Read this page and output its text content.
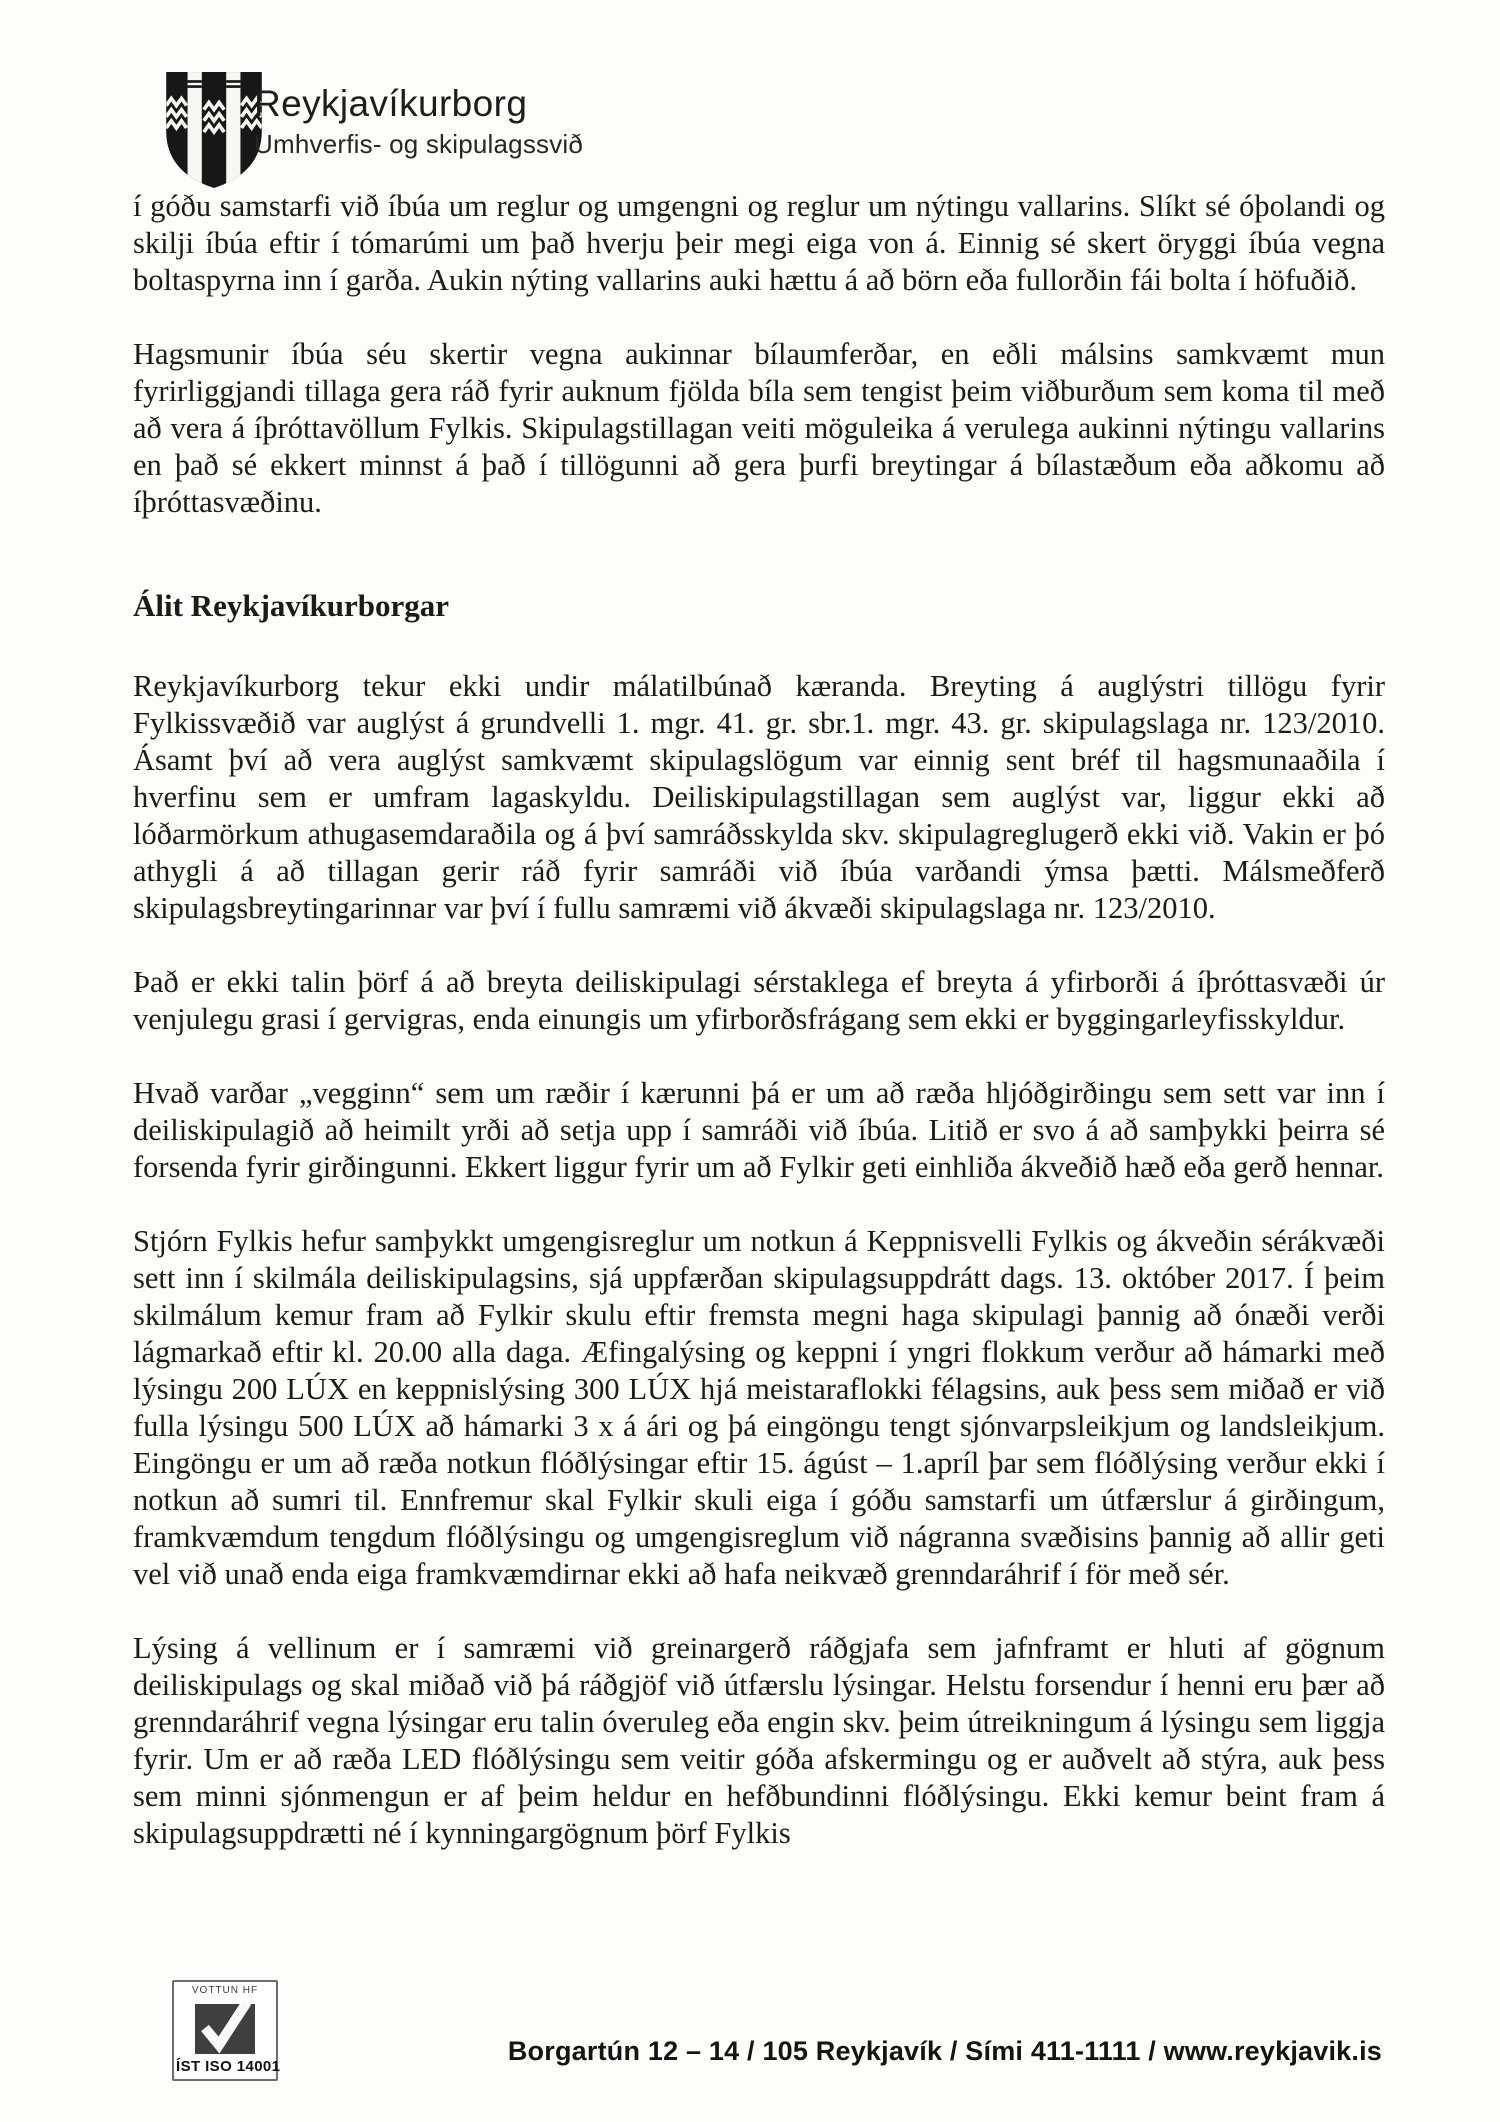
Reykjavíkurborg
Umhverfis- og skipulagssvið

í góðu samstarfi við íbúa um reglur og umgengni og reglur um nýtingu vallarins. Slíkt sé óþolandi og skilji íbúa eftir í tómarúmi um það hverju þeir megi eiga von á. Einnig sé skert öryggi íbúa vegna boltaspyrna inn í garða. Aukin nýting vallarins auki hættu á að börn eða fullorðin fái bolta í höfuðið.

Hagsmunir íbúa séu skertir vegna aukinnar bílaumferðar, en eðli málsins samkvæmt mun fyrirliggjandi tillaga gera ráð fyrir auknum fjölda bíla sem tengist þeim viðburðum sem koma til með að vera á íþróttavöllum Fylkis. Skipulagstillagan veiti möguleika á verulega aukinni nýtingu vallarins en það sé ekkert minnst á það í tillögunni að gera þurfi breytingar á bílastæðum eða aðkomu að íþróttasvæðinu.

Álit Reykjavíkurborgar

Reykjavíkurborg tekur ekki undir málatilbúnað kæranda. Breyting á auglýstri tillögu fyrir Fylkissvæðið var auglýst á grundvelli 1. mgr. 41. gr. sbr.1. mgr. 43. gr. skipulagslaga nr. 123/2010. Ásamt því að vera auglýst samkvæmt skipulagslögum var einnig sent bréf til hagsmunaaðila í hverfinu sem er umfram lagaskyldu. Deiliskipulagstillagan sem auglýst var, liggur ekki að lóðarmörkum athugasemdaraðila og á því samráðsskylda skv. skipulagreglugerð ekki við. Vakin er þó athygli á að tillagan gerir ráð fyrir samráði við íbúa varðandi ýmsa þætti. Málsmeðferð skipulagsbreytingarinnar var því í fullu samræmi við ákvæði skipulagslaga nr. 123/2010.

Það er ekki talin þörf á að breyta deiliskipulagi sérstaklega ef breyta á yfirborði á íþróttasvæði úr venjulegu grasi í gervigras, enda einungis um yfirborðsfrágang sem ekki er byggingarleyfisskyldur.

Hvað varðar „vegginn“ sem um ræðir í kærunni þá er um að ræða hljóðgirðingu sem sett var inn í deiliskipulagið að heimilt yrði að setja upp í samráði við íbúa. Litið er svo á að samþykki þeirra sé forsenda fyrir girðingunni. Ekkert liggur fyrir um að Fylkir geti einhliða ákveðið hæð eða gerð hennar.

Stjórn Fylkis hefur samþykkt umgengisreglur um notkun á Keppnisvelli Fylkis og ákveðin sérákvæði sett inn í skilmála deiliskipulagsins, sjá uppfærðan skipulagsuppdrátt dags. 13. október 2017. Í þeim skilmálum kemur fram að Fylkir skulu eftir fremsta megni haga skipulagi þannig að ónæði verði lágmarkað eftir kl. 20.00 alla daga. Æfingalýsing og keppni í yngri flokkum verður að hámarki með lýsingu 200 LÚX en keppnislýsing 300 LÚX hjá meistaraflokki félagsins, auk þess sem miðað er við fulla lýsingu 500 LÚX að hámarki 3 x á ári og þá eingöngu tengt sjónvarpsleikjum og landsleikjum. Eingöngu er um að ræða notkun flóðlýsingar eftir 15. ágúst – 1.apríl þar sem flóðlýsing verður ekki í notkun að sumri til. Ennfremur skal Fylkir skuli eiga í góðu samstarfi um útfærslur á girðingum, framkvæmdum tengdum flóðlýsingu og umgengisreglum við nágranna svæðisins þannig að allir geti vel við unað enda eiga framkvæmdirnar ekki að hafa neikvæð grenndaráhrif í för með sér.

Lýsing á vellinum er í samræmi við greinargerð ráðgjafa sem jafnframt er hluti af gögnum deiliskipulags og skal miðað við þá ráðgjöf við útfærslu lýsingar. Helstu forsendur í henni eru þær að grenndaráhrif vegna lýsingar eru talin óveruleg eða engin skv. þeim útreikningum á lýsingu sem liggja fyrir. Um er að ræða LED flóðlýsingu sem veitir góða afskermingu og er auðvelt að stýra, auk þess sem minni sjónmengun er af þeim heldur en hefðbundinni flóðlýsingu. Ekki kemur beint fram á skipulagsuppdrætti né í kynningargögnum þörf Fylkis

VOTTUN HF
ÍST ISO 14001
Borgartún 12 – 14 / 105 Reykjavík / Sími 411-1111 / www.reykjavik.is
